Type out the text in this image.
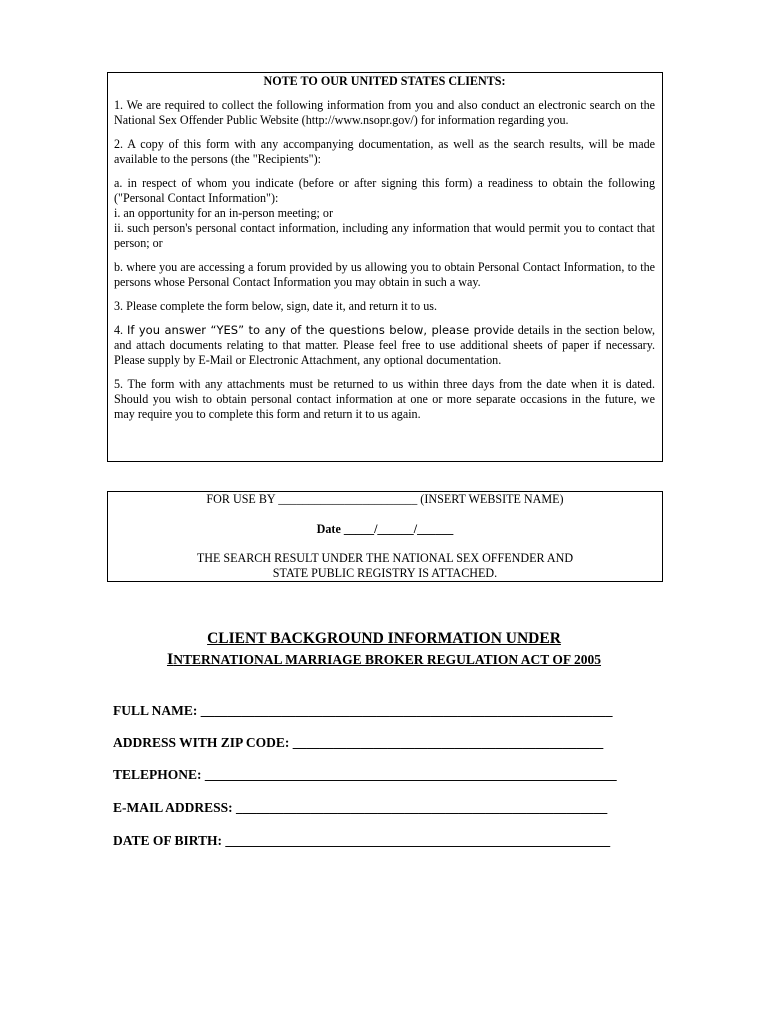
NOTE TO OUR UNITED STATES CLIENTS:

1. We are required to collect the following information from you and also conduct an electronic search on the National Sex Offender Public Website (http://www.nsopr.gov/) for information regarding you.

2. A copy of this form with any accompanying documentation, as well as the search results, will be made available to the persons (the "Recipients"):

a. in respect of whom you indicate (before or after signing this form) a readiness to obtain the following ("Personal Contact Information"):

i. an opportunity for an in-person meeting; or

ii. such person's personal contact information, including any information that would permit you to contact that person; or

b. where you are accessing a forum provided by us allowing you to obtain Personal Contact Information, to the persons whose Personal Contact Information you may obtain in such a way.

3. Please complete the form below, sign, date it, and return it to us.

4. If you answer “YES” to any of the questions below, please provide details in the section below, and attach documents relating to that matter. Please feel free to use additional sheets of paper if necessary. Please supply by E-Mail or Electronic Attachment, any optional documentation.

5. The form with any attachments must be returned to us within three days from the date when it is dated. Should you wish to obtain personal contact information at one or more separate occasions in the future, we may require you to complete this form and return it to us again.

FOR USE BY _______________________ (INSERT WEBSITE NAME)
Date _____/______/______
THE SEARCH RESULT UNDER THE NATIONAL SEX OFFENDER AND
STATE PUBLIC REGISTRY IS ATTACHED.
CLIENT BACKGROUND INFORMATION UNDER
INTERNATIONAL MARRIAGE BROKER REGULATION ACT OF 2005
FULL NAME: _____________________________________________________________
ADDRESS WITH ZIP CODE: ______________________________________________
TELEPHONE: _____________________________________________________________
E-MAIL ADDRESS: _______________________________________________________
DATE OF BIRTH: _________________________________________________________
